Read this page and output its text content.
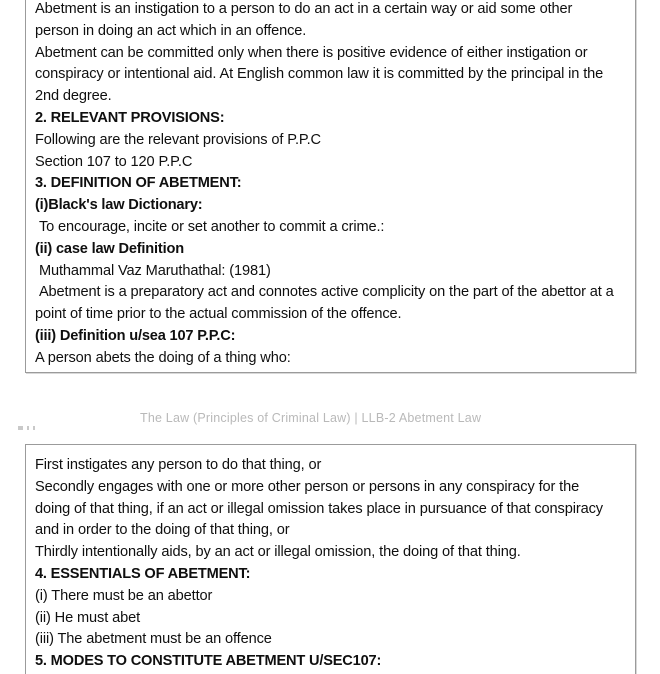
Abetment is an instigation to a person to do an act in a certain way or aid some other
person in doing an act which in an offence.
Abetment can be committed only when there is positive evidence of either instigation or
conspiracy or intentional aid. At English common law it is committed by the principal in the
2nd degree.
2. RELEVANT PROVISIONS:
Following are the relevant provisions of P.P.C
Section 107 to 120 P.P.C
3. DEFINITION OF ABETMENT:
(i)Black's law Dictionary:
To encourage, incite or set another to commit a crime.:
(ii) case law Definition
Muthammal Vaz Maruthathal: (1981)
Abetment is a preparatory act and connotes active complicity on the part of the abettor at a
point of time prior to the actual commission of the offence.
(iii) Definition u/sea 107 P.P.C:
A person abets the doing of a thing who:
The Law (Principles of Criminal Law) | LLB-2 Abetment Law
First instigates any person to do that thing, or
Secondly engages with one or more other person or persons in any conspiracy for the
doing of that thing, if an act or illegal omission takes place in pursuance of that conspiracy
and in order to the doing of that thing, or
Thirdly intentionally aids, by an act or illegal omission, the doing of that thing.
4. ESSENTIALS OF ABETMENT:
(i) There must be an abettor
(ii) He must abet
(iii) The abetment must be an offence
5. MODES TO CONSTITUTE ABETMENT U/SEC107:
